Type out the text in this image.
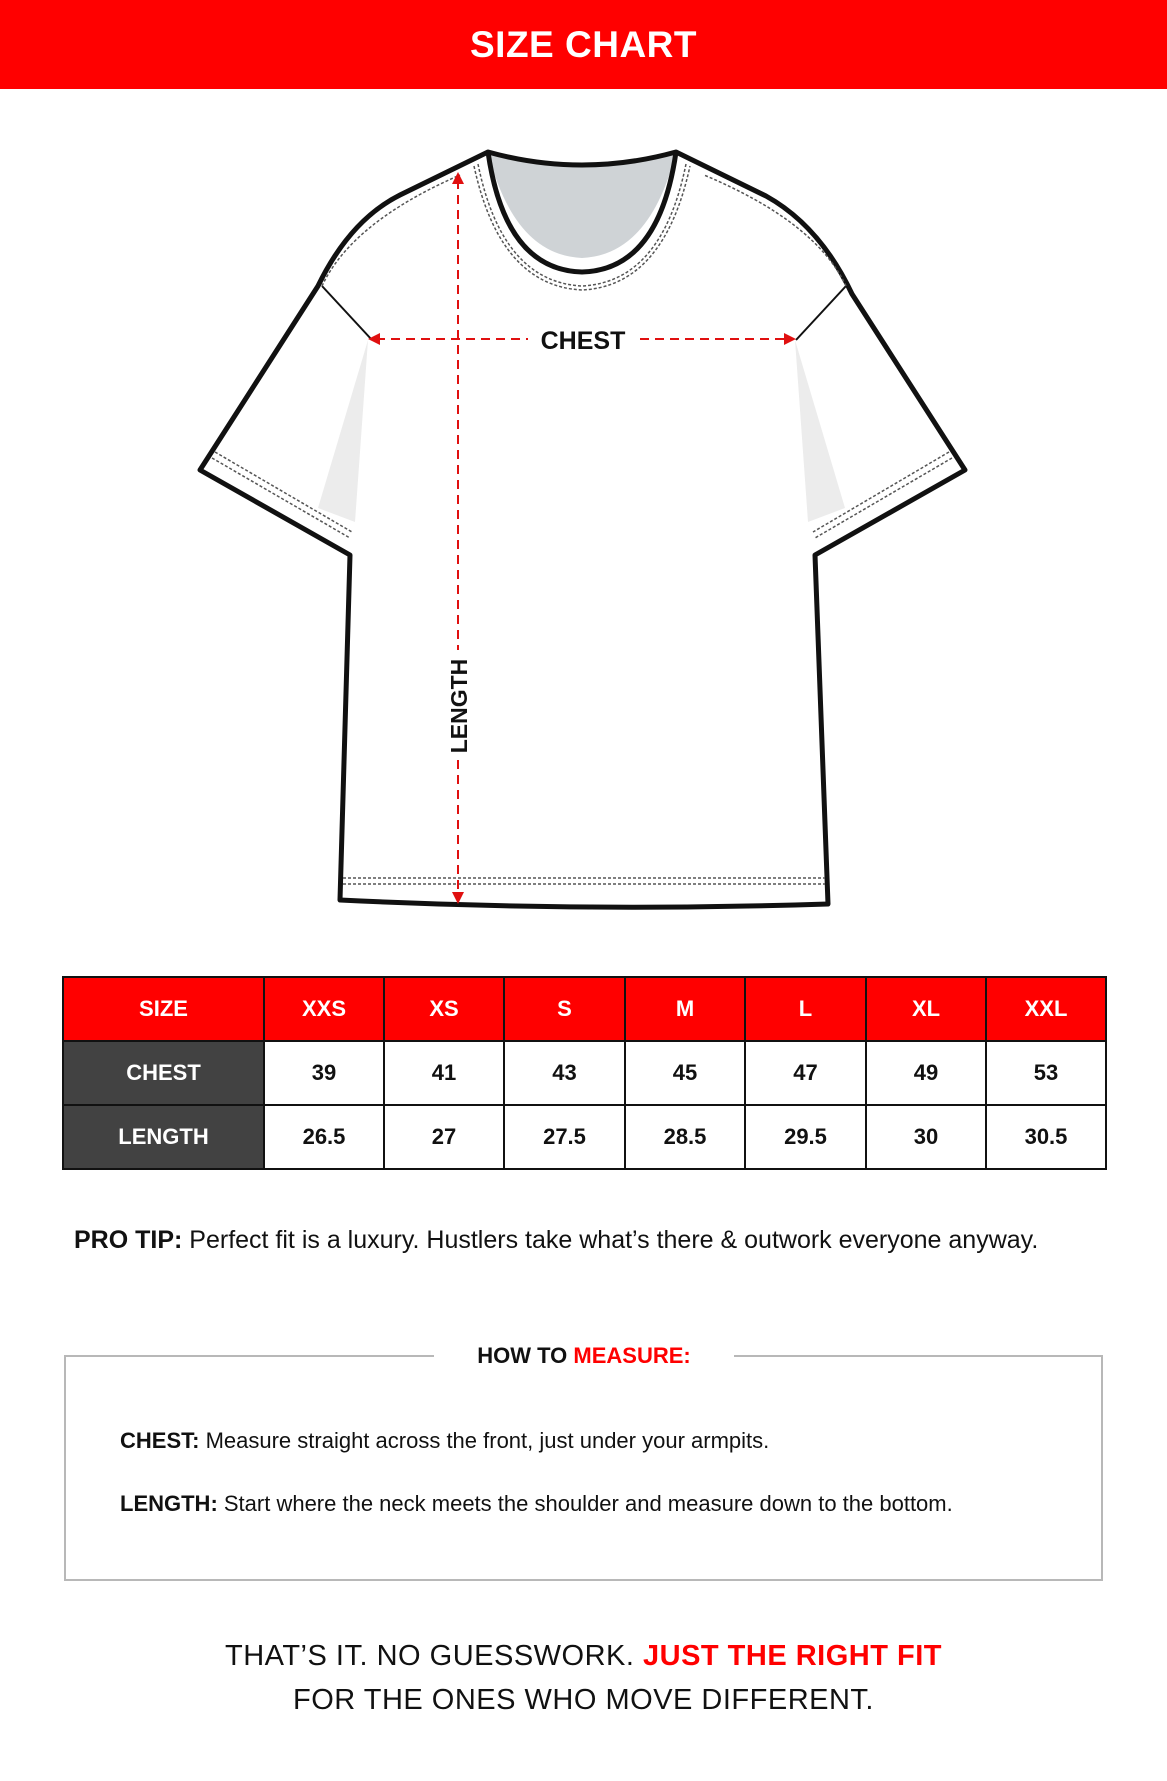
SIZE CHART
CHEST
LENGTH
SIZE	XXS	XS	S	M	L	XL	XXL
CHEST	39	41	43	45	47	49	53
LENGTH	26.5	27	27.5	28.5	29.5	30	30.5

PRO TIP: Perfect fit is a luxury. Hustlers take what’s there & outwork everyone anyway.

HOW TO MEASURE:

CHEST: Measure straight across the front, just under your armpits.

LENGTH: Start where the neck meets the shoulder and measure down to the bottom.

THAT’S IT. NO GUESSWORK. JUST THE RIGHT FIT

FOR THE ONES WHO MOVE DIFFERENT.
